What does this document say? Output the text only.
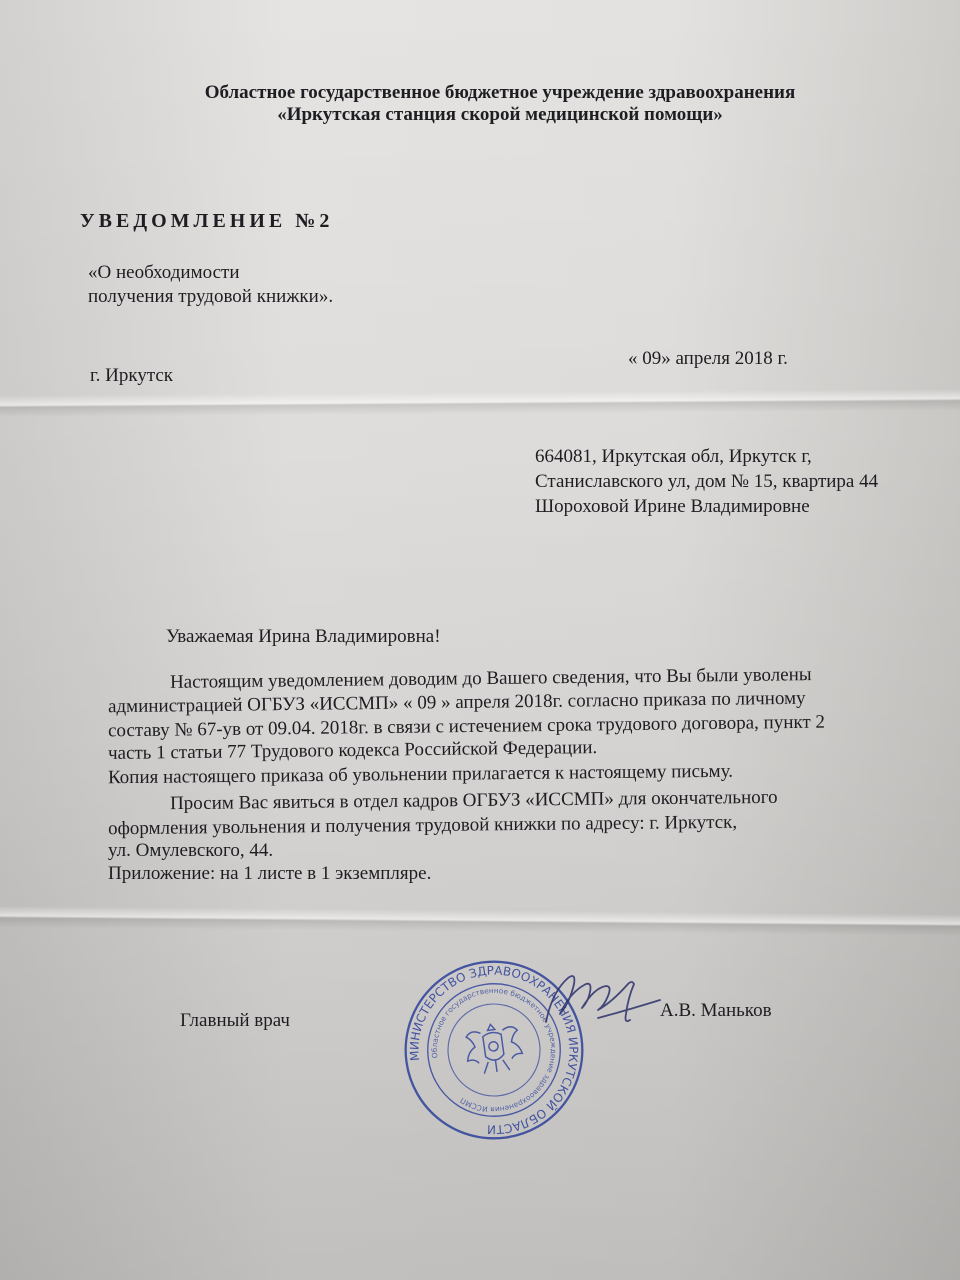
Областное государственное бюджетное учреждение здравоохранения
«Иркутская станция скорой медицинской помощи»
УВЕДОМЛЕНИЕ №2
«О необходимости
получения трудовой книжки».
г. Иркутск
« 09» апреля 2018 г.
664081, Иркутская обл, Иркутск г,
Станиславского ул, дом № 15, квартира 44
Шороховой Ирине Владимировне
Уважаемая Ирина Владимировна!
Настоящим уведомлением доводим до Вашего сведения, что Вы были уволены
администрацией ОГБУЗ «ИССМП» « 09 » апреля 2018г. согласно приказа по личному
составу № 67-ув от 09.04. 2018г. в связи с истечением срока трудового договора, пункт 2
часть 1 статьи 77 Трудового кодекса Российской Федерации.
Копия настоящего приказа об увольнении прилагается к настоящему письму.
Просим Вас явиться в отдел кадров ОГБУЗ «ИССМП» для окончательного
оформления увольнения и получения трудовой книжки по адресу: г. Иркутск,
ул. Омулевского, 44.
Приложение: на 1 листе в 1 экземпляре.
Главный врач	А.В. Маньков
МИНИСТЕРСТВО ЗДРАВООХРАНЕНИЯ ИРКУТСКОЙ ОБЛАСТИ
Областное государственное бюджетное учреждение здравоохранения ИССМП
